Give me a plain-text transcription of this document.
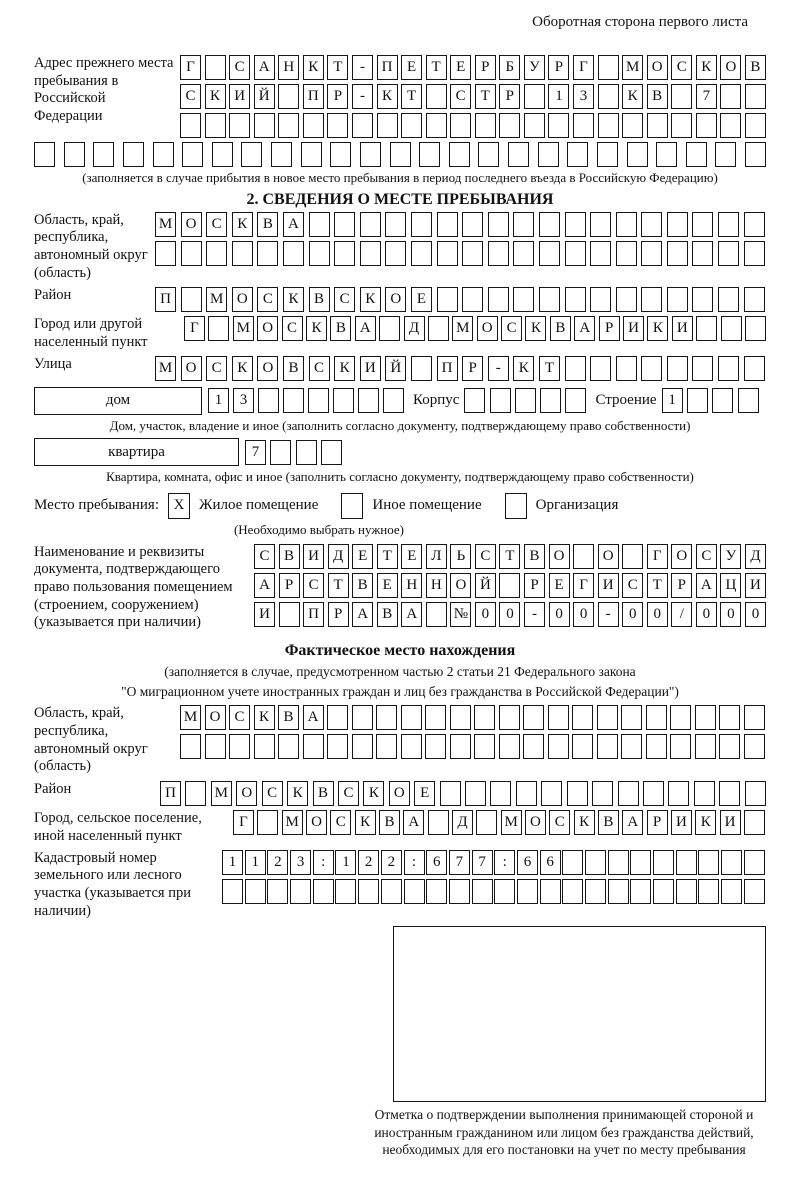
Оборотная сторона первого листа
Адрес прежнего места пребывания в Российской Федерации
Г	С А Н К Т	-	П Е	Т	Е	Р	Б У	Р	Г	М О С К О В
С К И Й	П Р	-	К Т	С Т	Р	1	3	К В	7
(заполняется в случае прибытия в новое место пребывания в период последнего въезда в Российскую Федерацию)
2. СВЕДЕНИЯ О МЕСТЕ ПРЕБЫВАНИЯ
Область, край, республика, автономный округ (область)
М О	С	К	В	А
Район	П	М О	С	К	В	С	К	О	Е
Город или другой населенный пункт
Г	М О С К В А	Д	М О С К В А Р И К И
Улица	М О	С	К	О	В	С	К	И Й	П	Р	-	К	Т
дом	1	3	Корпус	Строение 1
Дом, участок, владение и иное (заполнить согласно документу, подтверждающему право собственности)
квартира	7
Квартира, комната, офис и иное (заполнить согласно документу, подтверждающему право собственности)
Место пребывания: X Жилое помещение	Иное помещение	Организация
(Необходимо выбрать нужное)
Наименование и реквизиты документа, подтверждающего право пользования помещением (строением, сооружением) (указывается при наличии)
С В И Д Е	Т	Е Л	Ь	С Т В О	О	Г О С У Д
А Р	С Т В Е Н Н О Й	Р	Е	Г И С Т	Р А Ц И
И	П Р А В А	№ 0	0	-	0	0	-	0	0	/	0	0	0
Фактическое место нахождения
(заполняется в случае, предусмотренном частью 2 статьи 21 Федерального закона
"О миграционном учете иностранных граждан и лиц без гражданства в Российской Федерации")
Область, край, республика, автономный округ (область)
М О С К В А
Район	П	М О С	К	В	С	К	О	Е
Город, сельское поселение, иной населенный пункт
Г	М О С К В А	Д	М О С К В А Р И К И
Кадастровый номер земельного или лесного участка (указывается при наличии)
1	1	2	3	:	1	2	2	:	6	7	7	:	6	6
Отметка о подтверждении выполнения принимающей стороной и иностранным гражданином или лицом без гражданства действий, необходимых для его постановки на учет по месту пребывания
